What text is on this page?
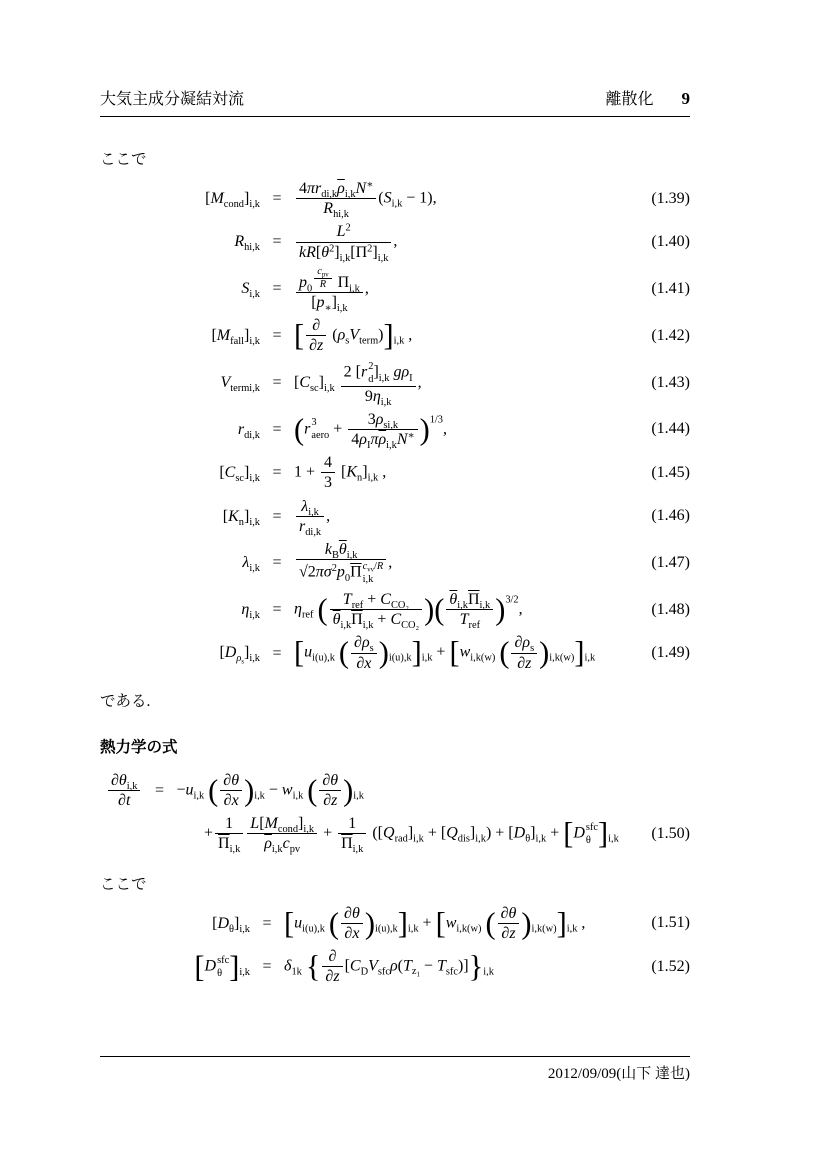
大気主成分凝結対流	離散化 9
ここで
$[M_{cond}]_{i,k}$ =
$4\pi r_{di,k}\overline{\rho}_{i,k}N^∗$
$R_{hi,k}$
$(S_{i,k} - 1)$,	(1.39)
$R_{hi,k} = \frac{L^2}{kR[\theta^2]_{i,k}[\Pi^2]_{i,k}}$ ,	(1.40)
$S_{i,k}$ =	$p_0$
$^{c_{pv} R}$ $\Pi_{i,k}$
$[p_∗]_{i,k}$
,	(1.41)
$[M_{fall}]_{i,k}$ = [ ∂
∂z
$(\rho_sV_{term})]_{i,k}$ ,	(1.42)
$V_{termi,k} = [C_{sc}]_{i,k}$
2 [r 2
d ]$_{i,k}$ $g\rho_I$
$9\eta_{i,k}$
,	(1.43)
$r_{di,k} = (r$ 3
aero +
$3\rho_{si,k}$
$4\rho_I\pi\overline{\rho}_{i,k}N^∗$ )$^{1/3}$,	(1.44)
$[C_{sc}]_{i,k} = 1 + \frac{4}{3} [K_n]_{i,k}$ ,	(1.45)
$[K_n]_{i,k}$ =
$\lambda_{i,k}$
$r_{di,k}$
,	(1.46)
$\lambda_{i,k}$ =
$k_B\overline{\theta}_{i,k}$
$√2\pi\sigma^2p_0\overline{\Pi}$ $c_{vv}/R$
i,k
,	(1.47)
$\eta_{i,k} = \eta_{ref}$ ( $T_{ref} + C_{CO_2}$
$\overline{\theta}_{i,k}\overline{\Pi}_{i,k} + C_{CO_2}$ )( $\overline{\theta}_{i,k}\overline{\Pi}_{i,k}$
$T_{ref}$ )$^{3/2}$,	(1.48)
$[D_{\rho_s}]_{i,k} = [u_{i(u),k}$ ( $\frac{\partial\rho_s}{\partial x} )_{i(u),k}]_{i,k} + [w_{i,k(w)}$ ( $\frac{\partial\rho_s}{\partial z} )_{i,k(w)}]_{i,k}$	(1.49)
である.
熱力学の式
$\frac{\partial\theta_{i,k}}{\partial t} = -u_{i,k}$ ( $\frac{\partial\theta}{\partial x} )_{i,k} - w_{i,k}$ ( $\frac{\partial\theta}{\partial z} )_{i,k}$
+ $\frac{1}{\overline{\Pi}_{i,k}} L[M_{cond}]_{i,k}$
$\overline{\rho}_{i,k}c_{pv}$
+ $\frac{1}{\overline{\Pi}_{i,k}} ([Q_{rad}]_{i,k} + [Q_{dis}]_{i,k}) + [D_\theta]_{i,k} + [D$ sfc
θ ]$_{i,k}$ (1.50)
ここで
$[D_\theta]_{i,k} = [u_{i(u),k}$ ( $\frac{\partial\theta}{\partial x} )_{i(u),k}]_{i,k} + [w_{i,k(w)}$ ( $\frac{\partial\theta}{\partial z} )_{i,k(w)}]_{i,k}$ ,	(1.51)
[D sfc
θ ]$_{i,k} = \delta_{1k}$ { ∂
∂z
$[C_DV_{sfc}\rho(T_{z_1} - T_{sfc})]\}_{i,k}$	(1.52)
2012/09/09(山下 達也)
